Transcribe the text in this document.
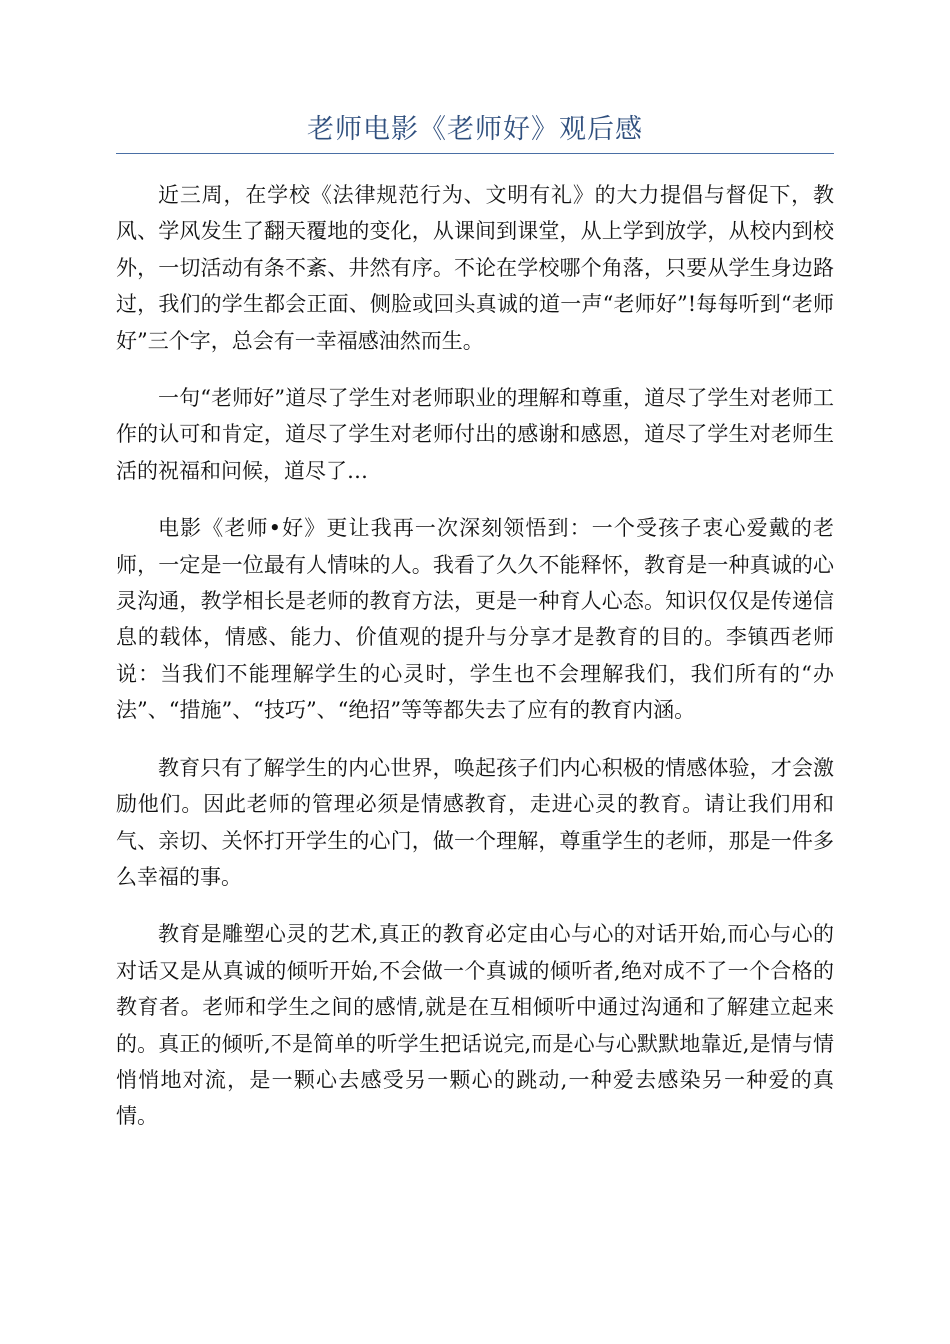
老师电影《老师好》观后感

近三周，在学校《法律规范行为、文明有礼》的大力提倡与督促下，教风、学风发生了翻天覆地的变化，从课间到课堂，从上学到放学，从校内到校外，一切活动有条不紊、井然有序。不论在学校哪个角落，只要从学生身边路过，我们的学生都会正面、侧脸或回头真诚的道一声“老师好”!每每听到“老师好”三个字，总会有一幸福感油然而生。

一句“老师好”道尽了学生对老师职业的理解和尊重，道尽了学生对老师工作的认可和肯定，道尽了学生对老师付出的感谢和感恩，道尽了学生对老师生活的祝福和问候，道尽了…

电影《老师•好》更让我再一次深刻领悟到：一个受孩子衷心爱戴的老师，一定是一位最有人情味的人。我看了久久不能释怀，教育是一种真诚的心灵沟通，教学相长是老师的教育方法，更是一种育人心态。知识仅仅是传递信息的载体，情感、能力、价值观的提升与分享才是教育的目的。李镇西老师说：当我们不能理解学生的心灵时，学生也不会理解我们，我们所有的“办法”、“措施”、“技巧”、“绝招”等等都失去了应有的教育内涵。

教育只有了解学生的内心世界，唤起孩子们内心积极的情感体验，才会激励他们。因此老师的管理必须是情感教育，走进心灵的教育。请让我们用和气、亲切、关怀打开学生的心门，做一个理解，尊重学生的老师，那是一件多么幸福的事。

教育是雕塑心灵的艺术,真正的教育必定由心与心的对话开始,而心与心的对话又是从真诚的倾听开始,不会做一个真诚的倾听者,绝对成不了一个合格的教育者。老师和学生之间的感情,就是在互相倾听中通过沟通和了解建立起来的。真正的倾听,不是简单的听学生把话说完,而是心与心默默地靠近,是情与情悄悄地对流，是一颗心去感受另一颗心的跳动,一种爱去感染另一种爱的真情。
